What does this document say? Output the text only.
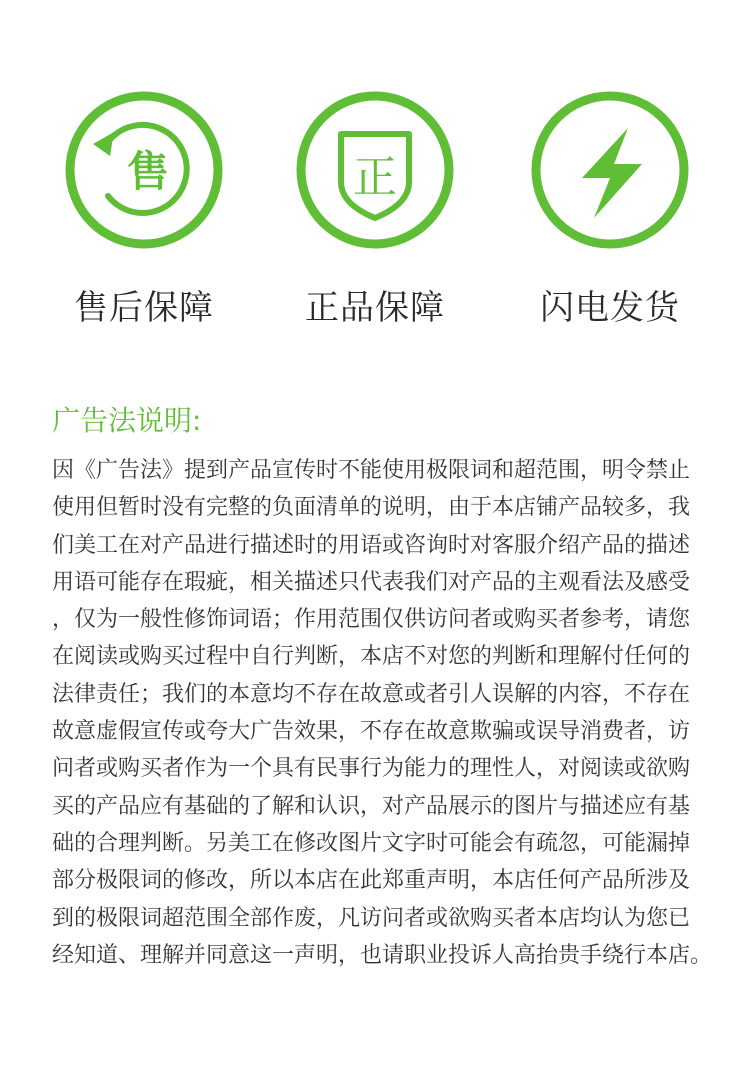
售
售后保障
正
正品保障	闪电发货
广告法说明:
因《广告法》提到产品宣传时不能使用极限词和超范围，明令禁止
使用但暂时没有完整的负面清单的说明，由于本店铺产品较多，我
们美工在对产品进行描述时的用语或咨询时对客服介绍产品的描述
用语可能存在瑕疵，相关描述只代表我们对产品的主观看法及感受
，仅为一般性修饰词语；作用范围仅供访问者或购买者参考，请您
在阅读或购买过程中自行判断，本店不对您的判断和理解付任何的
法律责任；我们的本意均不存在故意或者引人误解的内容，不存在
故意虚假宣传或夸大广告效果，不存在故意欺骗或误导消费者，访
问者或购买者作为一个具有民事行为能力的理性人，对阅读或欲购
买的产品应有基础的了解和认识，对产品展示的图片与描述应有基
础的合理判断。另美工在修改图片文字时可能会有疏忽，可能漏掉
部分极限词的修改，所以本店在此郑重声明，本店任何产品所涉及
到的极限词超范围全部作废，凡访问者或欲购买者本店均认为您已
经知道、理解并同意这一声明，也请职业投诉人高抬贵手绕行本店。
